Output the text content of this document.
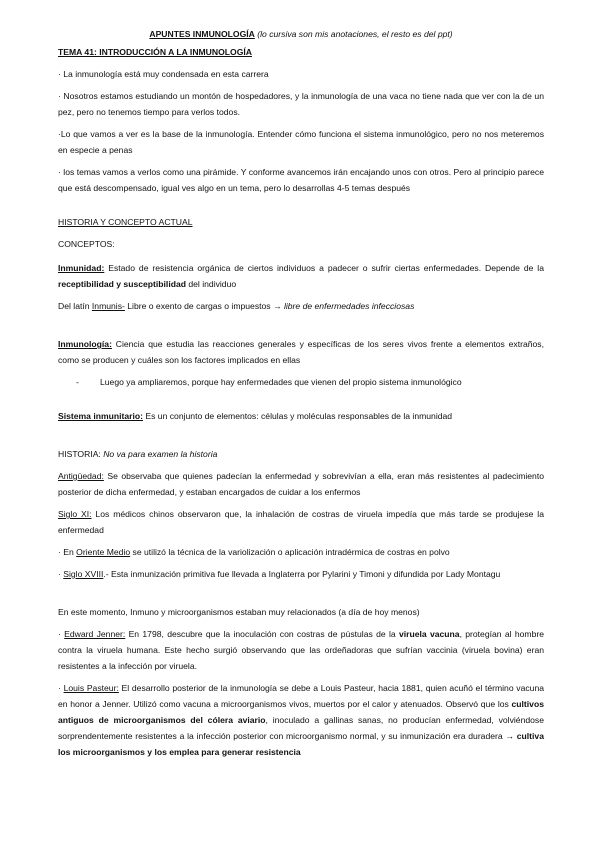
APUNTES INMUNOLOGÍA (lo cursiva son mis anotaciones, el resto es del ppt)

TEMA 41: INTRODUCCIÓN A LA INMUNOLOGÍA

· La inmunología está muy condensada en esta carrera

· Nosotros estamos estudiando un montón de hospedadores, y la inmunología de una vaca no tiene nada que ver con la de un pez, pero no tenemos tiempo para verlos todos.

·Lo que vamos a ver es la base de la inmunología. Entender cómo funciona el sistema inmunológico, pero no nos meteremos en especie a penas

· los temas vamos a verlos como una pirámide. Y conforme avancemos irán encajando unos con otros. Pero al principio parece que está descompensado, igual ves algo en un tema, pero lo desarrollas 4-5 temas después

HISTORIA Y CONCEPTO ACTUAL

CONCEPTOS:

Inmunidad: Estado de resistencia orgánica de ciertos individuos a padecer o sufrir ciertas enfermedades. Depende de la receptibilidad y susceptibilidad del individuo

Del latín Inmunis- Libre o exento de cargas o impuestos → libre de enfermedades infecciosas

Inmunología: Ciencia que estudia las reacciones generales y específicas de los seres vivos frente a elementos extraños, como se producen y cuáles son los factores implicados en ellas

-	Luego ya ampliaremos, porque hay enfermedades que vienen del propio sistema inmunológico

Sistema inmunitario: Es un conjunto de elementos: células y moléculas responsables de la inmunidad

HISTORIA: No va para examen la historia

Antigüedad: Se observaba que quienes padecían la enfermedad y sobrevivían a ella, eran más resistentes al padecimiento posterior de dicha enfermedad, y estaban encargados de cuidar a los enfermos

Siglo XI: Los médicos chinos observaron que, la inhalación de costras de viruela impedía que más tarde se produjese la enfermedad

· En Oriente Medio se utilizó la técnica de la variolización o aplicación intradérmica de costras en polvo

· Siglo XVIII.- Esta inmunización primitiva fue llevada a Inglaterra por Pylarini y Timoni y difundida por Lady Montagu

En este momento, Inmuno y microorganismos estaban muy relacionados (a día de hoy menos)

· Edward Jenner: En 1798, descubre que la inoculación con costras de pústulas de la viruela vacuna, protegían al hombre contra la viruela humana. Este hecho surgió observando que las ordeñadoras que sufrían vaccinia (viruela bovina) eran resistentes a la infección por viruela.

· Louis Pasteur: El desarrollo posterior de la inmunología se debe a Louis Pasteur, hacia 1881, quien acuñó el término vacuna en honor a Jenner. Utilizó como vacuna a microorganismos vivos, muertos por el calor y atenuados. Observó que los cultivos antiguos de microorganismos del cólera aviario, inoculado a gallinas sanas, no producían enfermedad, volviéndose sorprendentemente resistentes a la infección posterior con microorganismo normal, y su inmunización era duradera → cultiva los microorganismos y los emplea para generar resistencia
